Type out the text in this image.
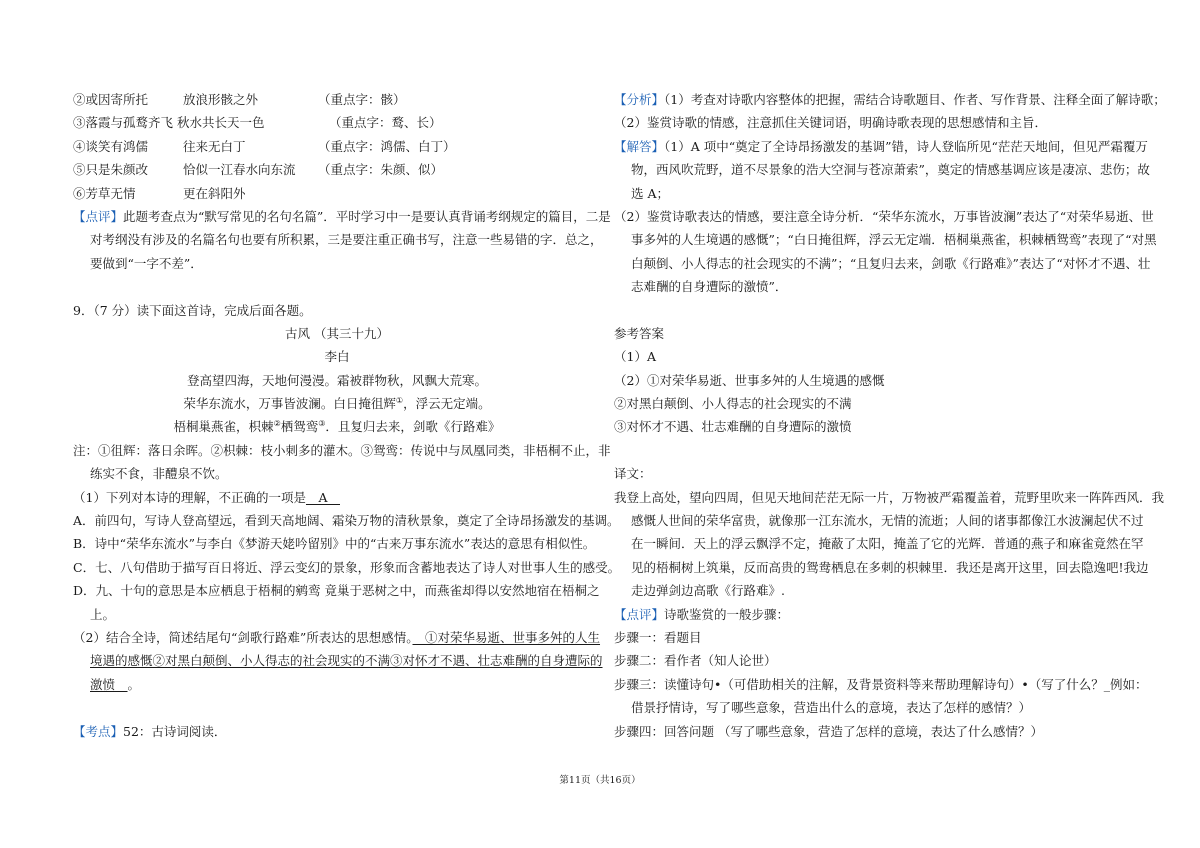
②或因寄所托	放浪形骸之外	（重点字：骸）
③落霞与孤鹜齐飞 秋水共长天一色	（重点字：鹜、长）
④谈笑有鸿儒	往来无白丁	（重点字：鸿儒、白丁）
⑤只是朱颜改	恰似一江春水向东流 （重点字：朱颜、似）
⑥芳草无情	更在斜阳外
【点评】此题考查点为“默写常见的名句名篇”．平时学习中一是要认真背诵考纲规定的篇目，二是
对考纲没有涉及的名篇名句也要有所积累，三是要注重正确书写，注意一些易错的字．总之，
要做到“一字不差”．
9．（7 分）读下面这首诗，完成后面各题。
古风 （其三十九）
李白
登高望四海，天地何漫漫。霜被群物秋，风飘大荒寒。
荣华东流水，万事皆波澜。白日掩徂辉①，浮云无定端。
梧桐巢燕雀，枳棘②栖鸳鸾③．且复归去来，剑歌《行路难》
注：①徂辉：落日余晖。②枳棘：枝小刺多的灌木。③鸳鸾：传说中与凤凰同类，非梧桐不止，非
练实不食，非醴泉不饮。
（1）下列对本诗的理解，不正确的一项是　A　
A．前四句，写诗人登高望远，看到天高地阔、霜染万物的清秋景象，奠定了全诗昂扬激发的基调。
B．诗中“荣华东流水”与李白《梦游天姥吟留别》中的“古来万事东流水”表达的意思有相似性。
C．七、八句借助于描写百日将近、浮云变幻的景象，形象而含蓄地表达了诗人对世事人生的感受。
D．九、十句的意思是本应栖息于梧桐的鹓鸾 竟巢于恶树之中，而燕雀却得以安然地宿在梧桐之
上。
（2）结合全诗，简述结尾句“剑歌行路难”所表达的思想感情。　①对荣华易逝、世事多舛的人生
境遇的感慨②对黑白颠倒、小人得志的社会现实的不满③对怀才不遇、壮志难酬的自身遭际的
激愤　。
【考点】52：古诗词阅读．
【分析】（1）考查对诗歌内容整体的把握，需结合诗歌题目、作者、写作背景、注释全面了解诗歌；
（2）鉴赏诗歌的情感，注意抓住关键词语，明确诗歌表现的思想感情和主旨．
【解答】（1）A 项中“奠定了全诗昂扬激发的基调”错，诗人登临所见“茫茫天地间，但见严霜覆万
物，西风吹荒野，道不尽景象的浩大空洞与苍凉萧索”，奠定的情感基调应该是凄凉、悲伤；故
选 A；
（2）鉴赏诗歌表达的情感，要注意全诗分析．“荣华东流水，万事皆波澜”表达了“对荣华易逝、世
事多舛的人生境遇的感慨”；“白日掩徂辉，浮云无定端．梧桐巢燕雀，枳棘栖鸳鸾”表现了“对黑
白颠倒、小人得志的社会现实的不满”；“且复归去来，剑歌《行路难》”表达了“对怀才不遇、壮
志难酬的自身遭际的激愤”．
参考答案
（1）A
（2）①对荣华易逝、世事多舛的人生境遇的感慨
②对黑白颠倒、小人得志的社会现实的不满
③对怀才不遇、壮志难酬的自身遭际的激愤
译文：
我登上高处，望向四周，但见天地间茫茫无际一片，万物被严霜覆盖着，荒野里吹来一阵阵西风．我
感慨人世间的荣华富贵，就像那一江东流水，无情的流逝；人间的诸事都像江水波澜起伏不过
在一瞬间．天上的浮云飘浮不定，掩蔽了太阳，掩盖了它的光辉．普通的燕子和麻雀竟然在罕
见的梧桐树上筑巢，反而高贵的鸳鸯栖息在多刺的枳棘里．我还是离开这里，回去隐逸吧!我边
走边弹剑边高歌《行路难》.
【点评】诗歌鉴赏的一般步骤：
步骤一：看题目
步骤二：看作者（知人论世）
步骤三：读懂诗句•（可借助相关的注解，及背景资料等来帮助理解诗句）•（写了什么？_例如：
借景抒情诗，写了哪些意象，营造出什么的意境，表达了怎样的感情？）
步骤四：回答问题 （写了哪些意象，营造了怎样的意境，表达了什么感情？）
第11页（共16页）
